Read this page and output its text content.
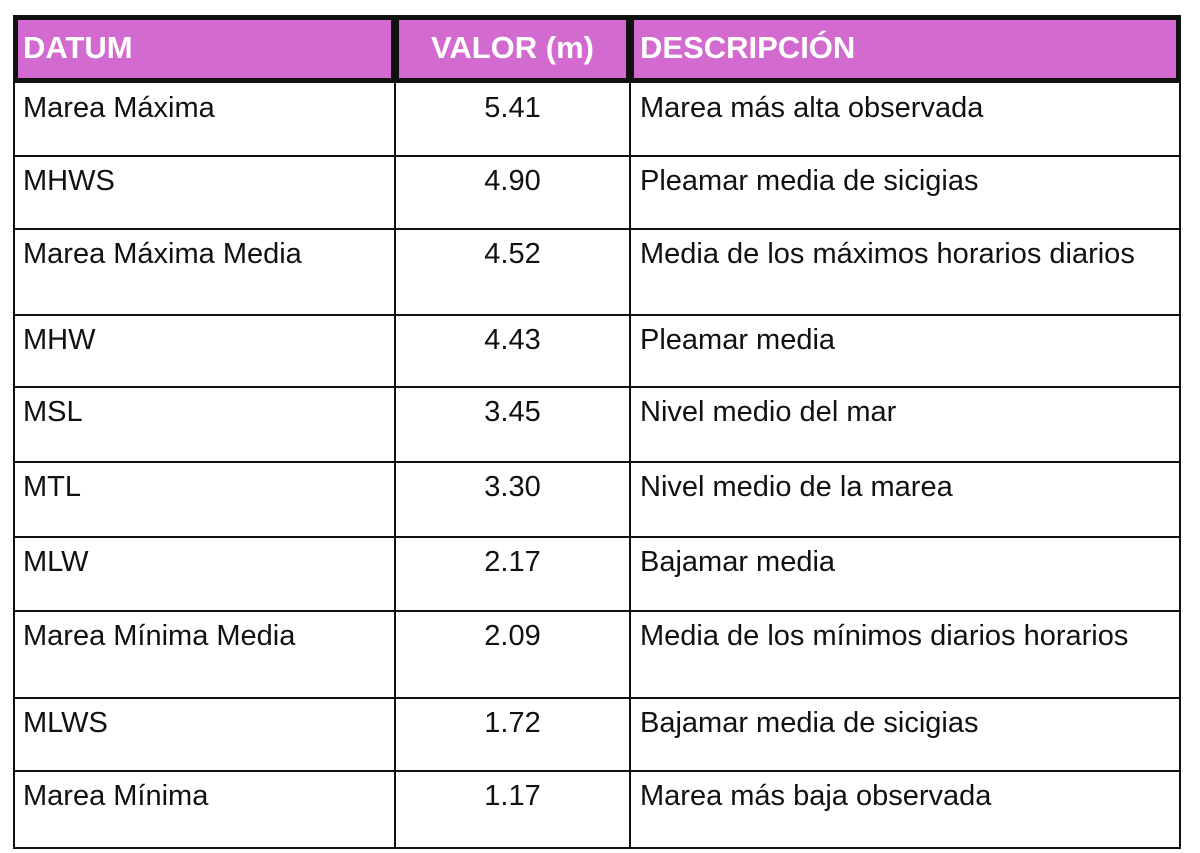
DATUM	VALOR (m)	DESCRIPCIÓN
Marea Máxima	5.41	Marea más alta observada
MHWS	4.90	Pleamar media de sicigias
Marea Máxima Media	4.52	Media de los máximos horarios diarios
MHW	4.43	Pleamar media
MSL	3.45	Nivel medio del mar
MTL	3.30	Nivel medio de la marea
MLW	2.17	Bajamar media
Marea Mínima Media	2.09	Media de los mínimos diarios horarios
MLWS	1.72	Bajamar media de sicigias
Marea Mínima	1.17	Marea más baja observada
